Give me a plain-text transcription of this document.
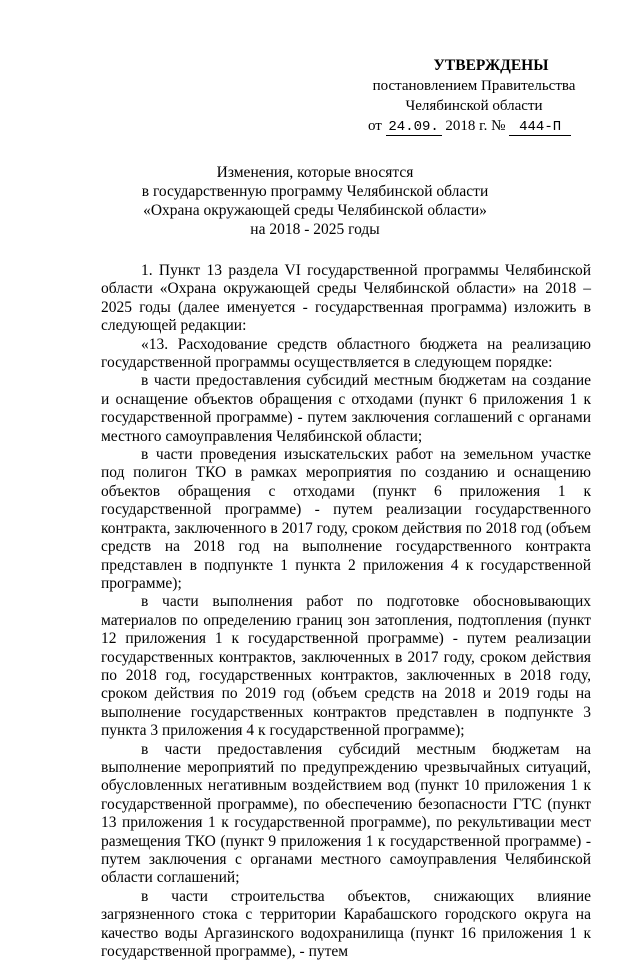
УТВЕРЖДЕНЫ
постановлением Правительства
Челябинской области
от 24.09. 2018 г. № 444-П
Изменения, которые вносятся
в государственную программу Челябинской области
«Охрана окружающей среды Челябинской области»
на 2018 - 2025 годы

1. Пункт 13 раздела VI государственной программы Челябинской области «Охрана окружающей среды Челябинской области» на 2018 – 2025 годы (далее именуется - государственная программа) изложить в следующей редакции:

«13. Расходование средств областного бюджета на реализацию государственной программы осуществляется в следующем порядке:

в части предоставления субсидий местным бюджетам на создание и оснащение объектов обращения с отходами (пункт 6 приложения 1 к государственной программе) - путем заключения соглашений с органами местного самоуправления Челябинской области;

в части проведения изыскательских работ на земельном участке под полигон ТКО в рамках мероприятия по созданию и оснащению объектов обращения с отходами (пункт 6 приложения 1 к государственной программе) - путем реализации государственного контракта, заключенного в 2017 году, сроком действия по 2018 год (объем средств на 2018 год на выполнение государственного контракта представлен в подпункте 1 пункта 2 приложения 4 к государственной программе);

в части выполнения работ по подготовке обосновывающих материалов по определению границ зон затопления, подтопления (пункт 12 приложения 1 к государственной программе) - путем реализации государственных контрактов, заключенных в 2017 году, сроком действия по 2018 год, государственных контрактов, заключенных в 2018 году, сроком действия по 2019 год (объем средств на 2018 и 2019 годы на выполнение государственных контрактов представлен в подпункте 3 пункта 3 приложения 4 к государственной программе);

в части предоставления субсидий местным бюджетам на выполнение мероприятий по предупреждению чрезвычайных ситуаций, обусловленных негативным воздействием вод (пункт 10 приложения 1 к государственной программе), по обеспечению безопасности ГТС (пункт 13 приложения 1 к государственной программе), по рекультивации мест размещения ТКО (пункт 9 приложения 1 к государственной программе) - путем заключения с органами местного самоуправления Челябинской области соглашений;

в части строительства объектов, снижающих влияние загрязненного стока с территории Карабашского городского округа на качество воды Аргазинского водохранилища (пункт 16 приложения 1 к государственной программе), - путем
